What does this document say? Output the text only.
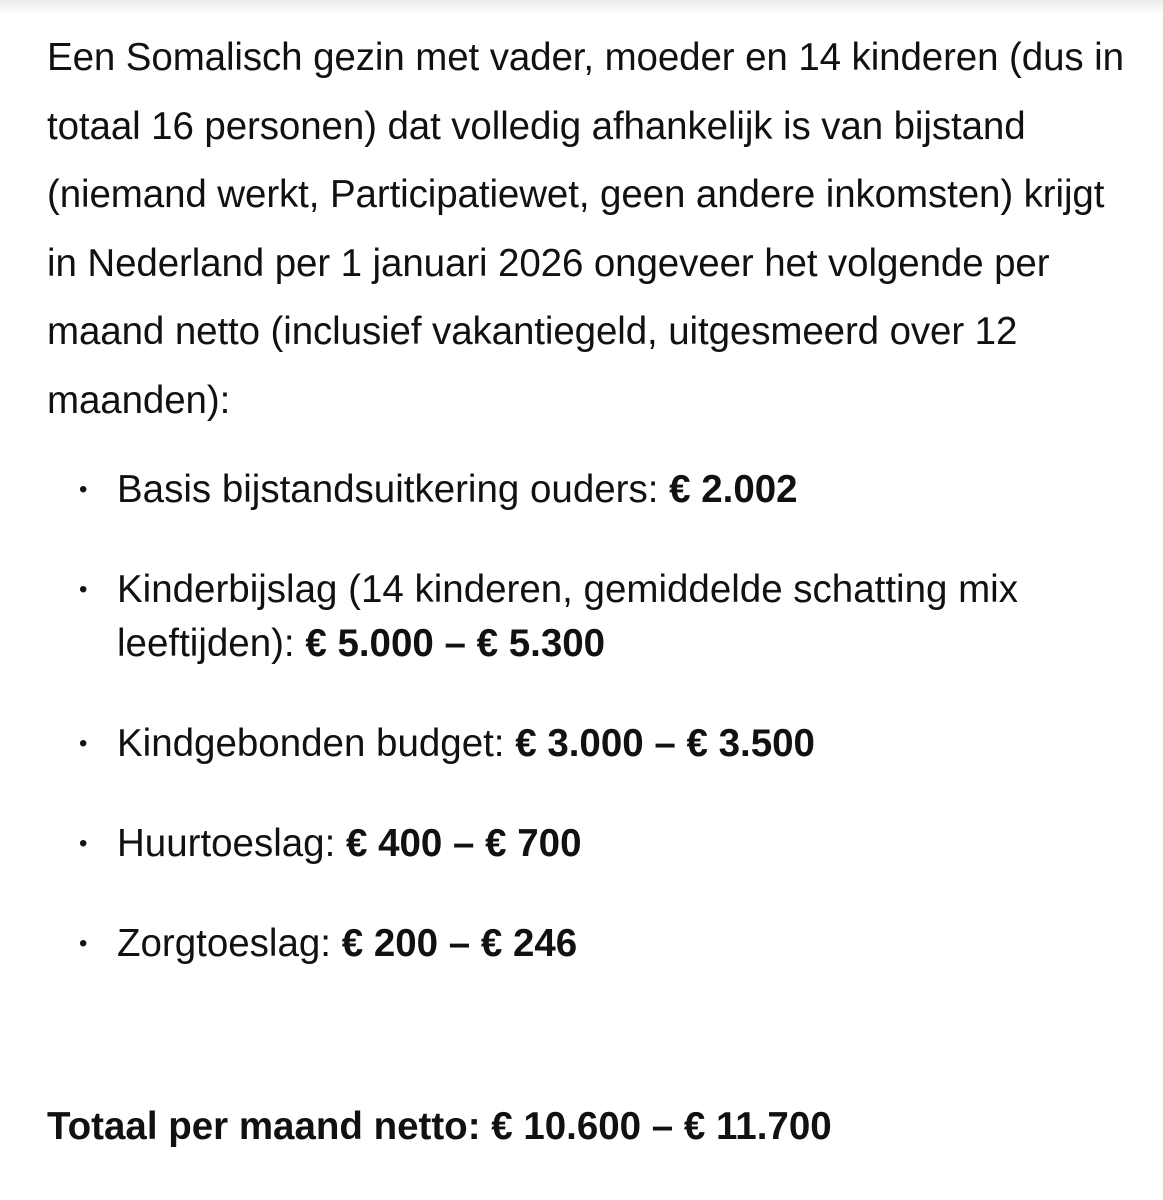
Een Somalisch gezin met vader, moeder en 14 kinderen (dus in totaal 16 personen) dat volledig afhankelijk is van bijstand (niemand werkt, Participatiewet, geen andere inkomsten) krijgt in Nederland per 1 januari 2026 ongeveer het volgende per maand netto (inclusief vakantiegeld, uitgesmeerd over 12 maanden):

• Basis bijstandsuitkering ouders: € 2.002
• Kinderbijslag (14 kinderen, gemiddelde schatting mix leeftijden): € 5.000 – € 5.300
• Kindgebonden budget: € 3.000 – € 3.500
• Huurtoeslag: € 400 – € 700
• Zorgtoeslag: € 200 – € 246
Totaal per maand netto: € 10.600 – € 11.700
